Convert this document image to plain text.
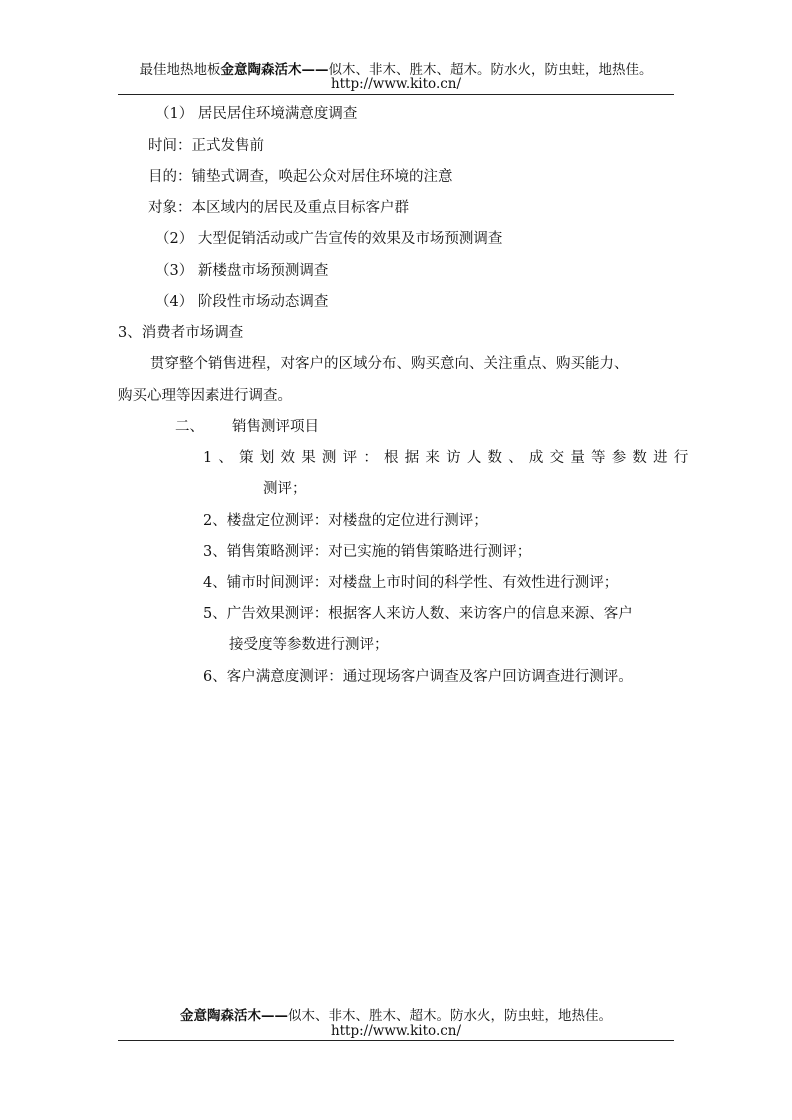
最佳地热地板金意陶森活木——似木、非木、胜木、超木。防水火，防虫蛀，地热佳。
http://www.kito.cn/
（1） 居民居住环境满意度调查
时间：正式发售前
目的：铺垫式调查，唤起公众对居住环境的注意
对象：本区域内的居民及重点目标客户群
（2） 大型促销活动或广告宣传的效果及市场预测调查
（3） 新楼盘市场预测调查
（4） 阶段性市场动态调查
3、消费者市场调查
贯穿整个销售进程，对客户的区域分布、购买意向、关注重点、购买能力、
购买心理等因素进行调查。
二、 销售测评项目
1、策划效果测评：根据来访人数、成交量等参数进行
测评；
2、楼盘定位测评：对楼盘的定位进行测评；
3、销售策略测评：对已实施的销售策略进行测评；
4、铺市时间测评：对楼盘上市时间的科学性、有效性进行测评；
5、广告效果测评：根据客人来访人数、来访客户的信息来源、客户
接受度等参数进行测评；
6、客户满意度测评：通过现场客户调查及客户回访调查进行测评。
金意陶森活木——似木、非木、胜木、超木。防水火，防虫蛀，地热佳。
http://www.kito.cn/
